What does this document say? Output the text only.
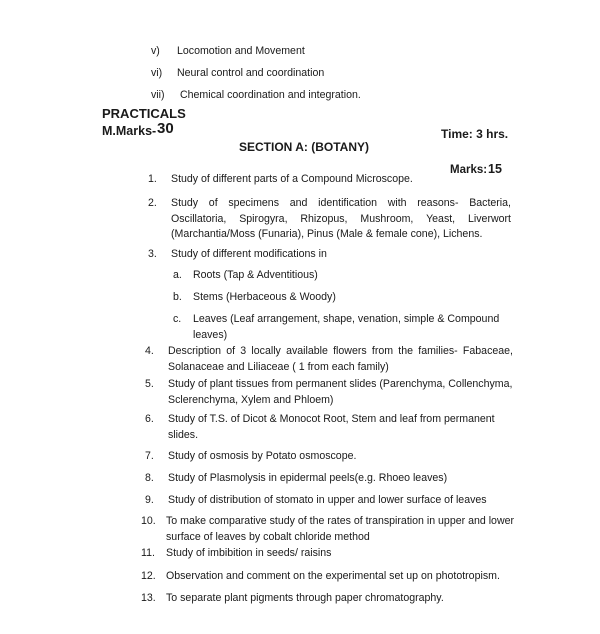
v) Locomotion and Movement
vi) Neural control and coordination
vii) Chemical coordination and integration.
PRACTICALS
M.Marks- 30	Time: 3 hrs.
SECTION A: (BOTANY)
Marks: 15
1. Study of different parts of a Compound Microscope.
2. Study of specimens and identification with reasons- Bacteria, Oscillatoria, Spirogyra, Rhizopus, Mushroom, Yeast, Liverwort (Marchantia/Moss (Funaria), Pinus (Male & female cone), Lichens.
3. Study of different modifications in
a. Roots (Tap & Adventitious)
b. Stems (Herbaceous & Woody)
c. Leaves (Leaf arrangement, shape, venation, simple & Compound leaves)
4. Description of 3 locally available flowers from the families- Fabaceae, Solanaceae and Liliaceae ( 1 from each family)
5. Study of plant tissues from permanent slides (Parenchyma, Collenchyma, Sclerenchyma, Xylem and Phloem)
6. Study of T.S. of Dicot & Monocot Root, Stem and leaf from permanent slides.
7. Study of osmosis by Potato osmoscope.
8. Study of Plasmolysis in epidermal peels(e.g. Rhoeo leaves)
9. Study of distribution of stomato in upper and lower surface of leaves
10. To make comparative study of the rates of transpiration in upper and lower surface of leaves by cobalt chloride method
11. Study of imbibition in seeds/ raisins
12. Observation and comment on the experimental set up on phototropism.
13. To separate plant pigments through paper chromatography.
